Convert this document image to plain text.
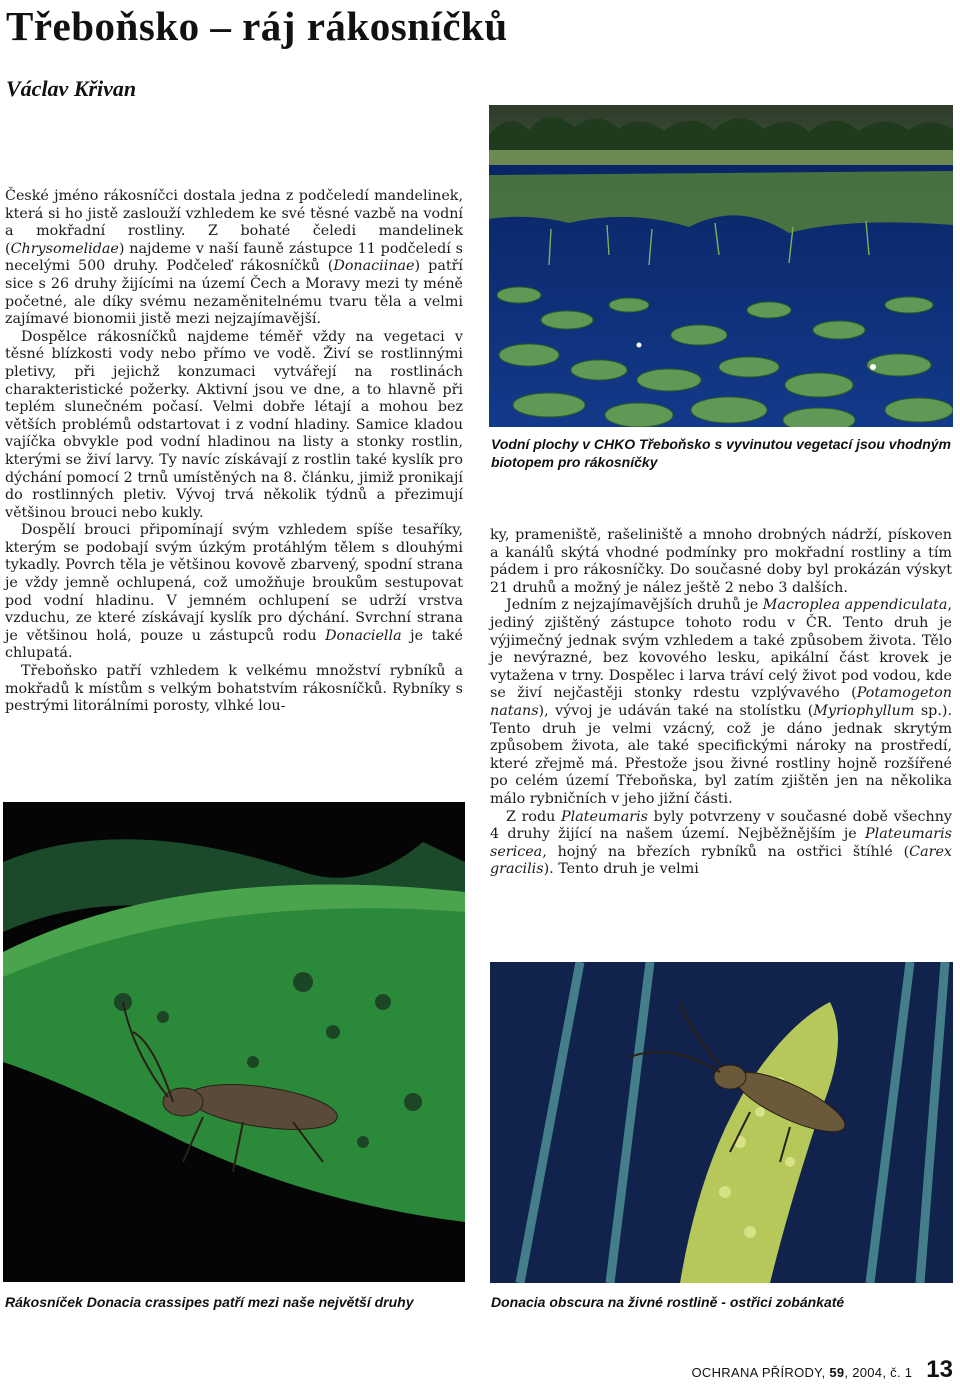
Třeboňsko – ráj rákosníčků
Václav Křivan

České jméno rákosníčci dostala jedna z podčeledí mandelinek, která si ho jistě zaslouží vzhledem ke své těsné vazbě na vodní a mokřadní rostliny. Z bohaté čeledi mandelinek (Chrysomelidae) najdeme v naší fauně zástupce 11 podčeledí s necelými 500 druhy. Podčeleď rákosníčků (Donaciinae) patří sice s 26 druhy žijícími na území Čech a Moravy mezi ty méně početné, ale díky svému nezaměnitelnému tvaru těla a velmi zajímavé bionomii jistě mezi nejzajímavější.

Dospělce rákosníčků najdeme téměř vždy na vegetaci v těsné blízkosti vody nebo přímo ve vodě. Živí se rostlinnými pletivy, při jejichž konzumaci vytvářejí na rostlinách charakteristické požerky. Aktivní jsou ve dne, a to hlavně při teplém slunečném počasí. Velmi dobře létají a mohou bez větších problémů odstartovat i z vodní hladiny. Samice kladou vajíčka obvykle pod vodní hladinou na listy a stonky rostlin, kterými se živí larvy. Ty navíc získávají z rostlin také kyslík pro dýchání pomocí 2 trnů umístěných na 8. článku, jimiž pronikají do rostlinných pletiv. Vývoj trvá několik týdnů a přezimují většinou brouci nebo kukly.

Dospělí brouci připomínají svým vzhledem spíše tesaříky, kterým se podobají svým úzkým protáhlým tělem s dlouhými tykadly. Povrch těla je většinou kovově zbarvený, spodní strana je vždy jemně ochlupená, což umožňuje broukům sestupovat pod vodní hladinu. V jemném ochlupení se udrží vrstva vzduchu, ze které získávají kyslík pro dýchání. Svrchní strana je většinou holá, pouze u zástupců rodu Donaciella je také chlupatá.

Třeboňsko patří vzhledem k velkému množství rybníků a mokřadů k místům s velkým bohatstvím rákosníčků. Rybníky s pestrými litorálními porosty, vlhké lou-

Vodní plochy v CHKO Třeboňsko s vyvinutou vegetací jsou vhodným biotopem pro rákosníčky

ky, prameniště, rašeliniště a mnoho drobných nádrží, pískoven a kanálů skýtá vhodné podmínky pro mokřadní rostliny a tím pádem i pro rákosníčky. Do současné doby byl prokázán výskyt 21 druhů a možný je nález ještě 2 nebo 3 dalších.

Jedním z nejzajímavějších druhů je Macroplea appendiculata, jediný zjištěný zástupce tohoto rodu v ČR. Tento druh je výjimečný jednak svým vzhledem a také způsobem života. Tělo je nevýrazné, bez kovového lesku, apikální část krovek je vytažena v trny. Dospělec i larva tráví celý život pod vodou, kde se živí nejčastěji stonky rdestu vzplývavého (Potamogeton natans), vývoj je udáván také na stolístku (Myriophyllum sp.). Tento druh je velmi vzácný, což je dáno jednak skrytým způsobem života, ale také specifickými nároky na prostředí, které zřejmě má. Přestože jsou živné rostliny hojně rozšířené po celém území Třeboňska, byl zatím zjištěn jen na několika málo rybničních v jeho jižní části.

Z rodu Plateumaris byly potvrzeny v současné době všechny 4 druhy žijící na našem území. Nejběžnějším je Plateumaris sericea, hojný na březích rybníků na ostřici štíhlé (Carex gracilis). Tento druh je velmi

Rákosníček Donacia crassipes patří mezi naše největší druhy	Donacia obscura na živné rostlině - ostřici zobánkaté

OCHRANA PŘÍRODY, 59, 2004, č. 1 13
